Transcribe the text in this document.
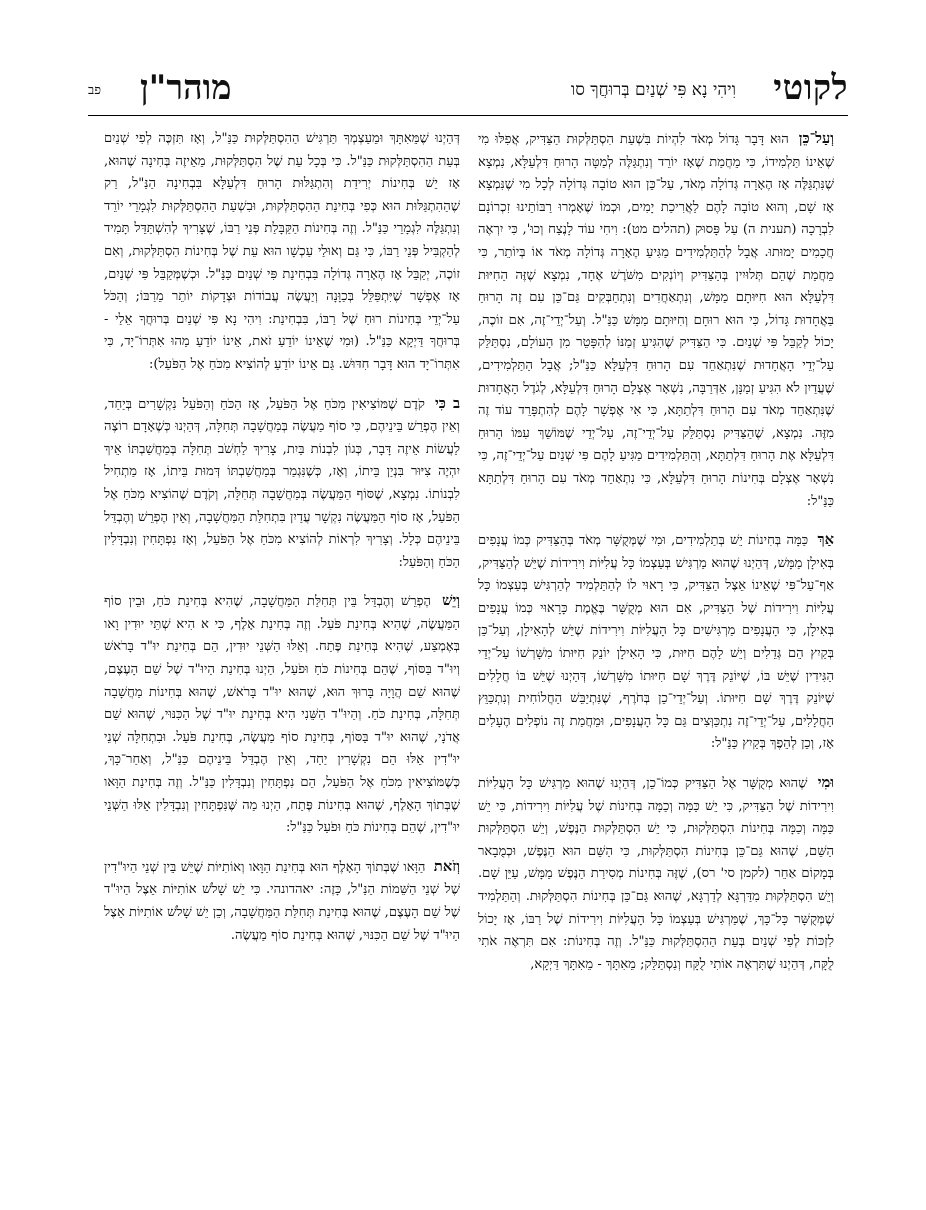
לקוטי
וִיהִי נָא פִּי שְׁנַיִם בְּרוּחֲךָ סו
מוהר"ן
פב

וְעַל־כֵּן הוּא דָּבָר גָּדוֹל מְאֹד לִהְיוֹת בִּשְׁעַת הִסְתַּלְּקוּת הַצַּדִּיק, אֲפִלּוּ מִי שֶׁאֵינוֹ תַּלְמִידוֹ, כִּי מֵחֲמַת שֶׁאָז יוֹרֵד וְנִתְגַּלֶּה לְמַטָּה הָרוּחַ דִּלְעֵלָּא, נִמְצָא שֶׁנִּתְגַּלֶּה אָז הֶאָרָה גְּדוֹלָה מְאֹד, עַל־כֵּן הוּא טוֹבָה גְּדוֹלָה לְכָל מִי שֶׁנִּמְצָא אָז שָׁם, וְהוּא טוֹבָה לָהֶם לַאֲרִיכַת יָמִים, וּכְמוֹ שֶׁאָמְרוּ רַבּוֹתֵינוּ זִכְרוֹנָם לִבְרָכָה (תענית ה) עַל פָּסוּק (תהלים מט): וִיחִי עוֹד לָנֶצַח וְכוּ', כִּי יִרְאֶה חֲכָמִים יָמוּתוּ. אֲבָל לְהַתַּלְמִידִים מַגִּיעַ הֶאָרָה גְּדוֹלָה מְאֹד אוֹ בְּיוֹתֵר, כִּי מֵחֲמַת שֶׁהֵם תְּלוּיִין בְּהַצַּדִּיק וְיוֹנְקִים מִשֹּׁרֶשׁ אֶחָד, נִמְצָא שֶׁזֶּה הַחִיּוּת דִּלְעֵלָּא הוּא חִיּוּתָם מַמָּשׁ, וְנִתְאַחֲדִים וְנִתְחַבְּקִים גַּם־כֵּן עִם זֶה הָרוּחַ בַּאֲחָדוּת גָּדוֹל, כִּי הוּא רוּחָם וְחִיּוּתָם מַמָּשׁ כַּנַּ"ל. וְעַל־יְדֵי־זֶה, אִם זוֹכֶה, יָכוֹל לְקַבֵּל פִּי שְׁנַיִם. כִּי הַצַּדִּיק שֶׁהִגִּיעַ זְמַנּוֹ לְהִפָּטֵר מִן הָעוֹלָם, נִסְתַּלֵּק עַל־יְדֵי הָאֲחָדוּת שֶׁנִּתְאַחֵד עִם הָרוּחַ דִּלְעֵלָּא כַּנַּ"ל; אֲבָל הַתַּלְמִידִים, שֶׁעֲדַיִן לֹא הִגִּיעַ זְמַנָּן, אַדְּרַבָּה, נִשְׁאָר אֶצְלָם הָרוּחַ דִּלְעֵלָּא, לְגֹדֶל הָאֲחָדוּת שֶׁנִּתְאַחֵד מְאֹד עִם הָרוּחַ דִּלְתַתָּא, כִּי אִי אֶפְשָׁר לָהֶם לְהִתְפָּרֵד עוֹד זֶה מִזֶּה. נִמְצָא, שֶׁהַצַּדִּיק נִסְתַּלֵּק עַל־יְדֵי־זֶה, עַל־יְדֵי שֶׁמּוֹשֵׁךְ עִמּוֹ הָרוּחַ דִּלְעֵלָּא אֶת הָרוּחַ דִּלְתַתָּא, וְהַתַּלְמִידִים מַגִּיעַ לָהֶם פִּי שְׁנַיִם עַל־יְדֵי־זֶה, כִּי נִשְׁאָר אֶצְלָם בְּחִינוֹת הָרוּחַ דִּלְעֵלָּא, כִּי נִתְאַחֵד מְאֹד עִם הָרוּחַ דִּלְתַתָּא כַּנַּ"ל:

אַךְ כַּמָּה בְּחִינוֹת יֵשׁ בְּתַלְמִידִים, וּמִי שֶׁמְּקֻשָּׁר מְאֹד בְּהַצַּדִּיק כְּמוֹ עֲנָפִים בְּאִילָן מַמָּשׁ, דְּהַיְנוּ שֶׁהוּא מַרְגִּישׁ בְּעַצְמוֹ כָּל עֲלִיּוֹת וִירִידוֹת שֶׁיֵּשׁ לְהַצַּדִּיק, אַף־עַל־פִּי שֶׁאֵינוֹ אֵצֶל הַצַּדִּיק, כִּי רָאוּי לוֹ לְהַתַּלְמִיד לְהַרְגִּישׁ בְּעַצְמוֹ כָּל עֲלִיּוֹת וִירִידוֹת שֶׁל הַצַּדִּיק, אִם הוּא מְקֻשָּׁר בֶּאֱמֶת כָּרָאוּי כְּמוֹ עֲנָפִים בְּאִילָן, כִּי הָעֲנָפִים מַרְגִּישִׁים כָּל הָעֲלִיּוֹת וִירִידוֹת שֶׁיֵּשׁ לְהָאִילָן, וְעַל־כֵּן בְּקַיִץ הֵם גְּדֵלִים וְיֵשׁ לָהֶם חִיּוּת, כִּי הָאִילָן יוֹנֵק חִיּוּתוֹ מִשָּׁרְשׁוֹ עַל־יְדֵי הַגִּידִין שֶׁיֵּשׁ בּוֹ, שֶׁיּוֹנֵק דֶּרֶךְ שָׁם חִיּוּתוֹ מִשָּׁרְשׁוֹ, דְּהַיְנוּ שֶׁיֵּשׁ בּוֹ חֲלָלִים שֶׁיּוֹנֵק דֶּרֶךְ שָׁם חִיּוּתוֹ. וְעַל־יְדֵי־כֵן בְּחֹרֶף, שֶׁנִּתְיַבֵּשׁ הַחֲלוֹחִית וְנִתְכַּוֵּץ הַחֲלָלִים, עַל־יְדֵי־זֶה נִתְכַּוְּצִים גַּם כָּל הָעֲנָפִים, וּמֵחֲמַת זֶה נוֹפְלִים הֶעָלִים אָז, וְכֵן לְהֵפֶךְ בְּקַיִץ כַּנַּ"ל:

וּמִי שֶׁהוּא מְקֻשָּׁר אֶל הַצַּדִּיק כְּמוֹ־כֵן, דְּהַיְנוּ שֶׁהוּא מַרְגִּישׁ כָּל הָעֲלִיּוֹת וִירִידוֹת שֶׁל הַצַּדִּיק, כִּי יֵשׁ כַּמָּה וְכַמָּה בְּחִינוֹת שֶׁל עֲלִיּוֹת וִירִידוֹת, כִּי יֵשׁ כַּמָּה וְכַמָּה בְּחִינוֹת הִסְתַּלְּקוּת, כִּי יֵשׁ הִסְתַּלְּקוּת הַנֶּפֶשׁ, וְיֵשׁ הִסְתַּלְּקוּת הַשֵּׁם, שֶׁהוּא גַּם־כֵּן בְּחִינוֹת הִסְתַּלְּקוּת, כִּי הַשֵּׁם הוּא הַנֶּפֶשׁ, וּכְמֻבָאר בְּמָקוֹם אַחֵר (לקמן סי' רס), שֶׁזֶּה בְּחִינוֹת מְסִירַת הַנֶּפֶשׁ מַמָּשׁ, עַיֵּן שָׁם. וְיֵשׁ הִסְתַּלְּקוּת מִדַּרְגָּא לְדַרְגָּא, שֶׁהוּא גַּם־כֵּן בְּחִינוֹת הִסְתַּלְּקוּת. וְהַתַּלְמִיד שֶׁמְּקֻשָּׁר כָּל־כָּךְ, שֶׁמַּרְגִּישׁ בְּעַצְמוֹ כָּל הָעֲלִיּוֹת וִירִידוֹת שֶׁל רַבּוֹ, אָז יָכוֹל לִזְכּוֹת לְפִי שְׁנַיִם בְּעֵת הַהִסְתַּלְּקוּת כַּנַּ"ל. וְזֶה בְּחִינוֹת: אִם תִּרְאֶה אֹתִי לֻקָּח, דְּהַיְנוּ שֶׁתִּרְאֶה אוֹתִי לֻקָּח וְנִסְתַּלֵּק; מֵאִתָּךְ - מֵאִתָּךְ דַּיְקָא,

דְּהַיְנוּ שֶׁמֵּאִתָּךְ וּמֵעַצְמְךָ תַּרְגִּישׁ הַהִסְתַּלְּקוּת כַּנַּ"ל, וְאָז תִּזְכֶּה לְפִי שְׁנַיִם בְּעֵת הַהִסְתַּלְּקוּת כַּנַּ"ל. כִּי בְּכָל עֵת שֶׁל הִסְתַּלְּקוּת, מֵאֵיזֶה בְּחִינָה שֶׁהוּא, אָז יֵשׁ בְּחִינוֹת יְרִידַת וְהִתְגַּלּוּת הָרוּחַ דִּלְעֵלָּא בִּבְחִינָה הַנַּ"ל, רַק שֶׁהַהִתְגַּלּוּת הוּא כְּפִי בְּחִינַת הַהִסְתַּלְּקוּת, וּבִשְׁעַת הַהִסְתַּלְּקוּת לִגְמָרֵי יוֹרֵד וְנִתְגַּלֶּה לִגְמָרֵי כַּנַּ"ל. וְזֶה בְּחִינוֹת הַקַּבָּלַת פְּנֵי רַבּוֹ, שֶׁצָּרִיךְ לְהִשְׁתַּדֵּל תָּמִיד לְהַקְבִּיל פְּנֵי רַבּוֹ, כִּי גַּם וְאוּלַי עַכְשָׁו הוּא עֵת שֶׁל בְּחִינוֹת הִסְתַּלְּקוּת, וְאִם זוֹכֶה, יְקַבֵּל אָז הֶאָרָה גְּדוֹלָה בִּבְחִינַת פִּי שְׁנַיִם כַּנַּ"ל. וּכְשֶׁמְּקַבֵּל פִּי שְׁנַיִם, אָז אֶפְשָׁר שֶׁיִּתְפַּלֵּל בְּכַוָּנָה וְיַעֲשֶׂה עֲבוֹדוֹת וּצְדָקוֹת יוֹתֵר מֵרַבּוֹ; וְהַכֹּל עַל־יְדֵי בְּחִינוֹת רוּחַ שֶׁל רַבּוֹ, בִּבְחִינַת: וִיהִי נָא פִּי שְׁנַיִם בְּרוּחֲךָ אֵלַי - בְּרוּחֲךָ דַּיְקָא כַּנַּ"ל. (וּמִי שֶׁאֵינוֹ יוֹדֵעַ זֹאת, אֵינוֹ יוֹדֵעַ מַהוּ אִתְּרוֹ־יָד, כִּי אִתְּרוֹ־יָד הוּא דָּבָר חִדּוּשׁ. גַּם אֵינוֹ יוֹדֵעַ לְהוֹצִיא מִכֹּחַ אֶל הַפֹּעַל):

ב כִּי קֹדֶם שֶׁמּוֹצִיאִין מִכֹּחַ אֶל הַפֹּעַל, אָז הַכֹּחַ וְהַפֹּעַל נִקְשָׁרִים בְּיַחַד, וְאֵין הֶפְרֵשׁ בֵּינֵיהֶם, כִּי סוֹף מַעֲשֶׂה בְּמַחֲשָׁבָה תְּחִלָּה, דְּהַיְנוּ כְּשֶׁאָדָם רוֹצֶה לַעֲשׂוֹת אֵיזֶה דָּבָר, כְּגוֹן לִבְנוֹת בַּיִת, צָרִיךְ לַחְשֹׁב תְּחִלָּה בְּמַחֲשַׁבְתּוֹ אֵיךְ יִהְיֶה צִיּוּר בִּנְיַן בֵּיתוֹ, וְאָז, כְּשֶׁנִּגְמַר בְּמַחֲשַׁבְתּוֹ דְּמוּת בֵּיתוֹ, אָז מַתְחִיל לִבְנוֹתוֹ. נִמְצָא, שֶׁסּוֹף הַמַּעֲשֶׂה בְּמַחֲשָׁבָה תְּחִלָּה, וְקֹדֶם שֶׁהוֹצִיא מִכֹּחַ אֶל הַפֹּעַל, אָז סוֹף הַמַּעֲשֶׂה נִקְשָׁר עֲדַיִן בִּתְחִלַּת הַמַּחֲשָׁבָה, וְאֵין הֶפְרֵשׁ וְהֶבְדֵּל בֵּינֵיהֶם כְּלָל. וְצָרִיךְ לִרְאוֹת לְהוֹצִיא מִכֹּחַ אֶל הַפֹּעַל, וְאָז נִפְתָּחִין וְנִבְדָּלִין הַכֹּחַ וְהַפֹּעַל:

וְיֵשׁ הֶפְרֵשׁ וְהֶבְדֵּל בֵּין תְּחִלַּת הַמַּחֲשָׁבָה, שֶׁהִיא בְּחִינַת כֹּחַ, וּבֵין סוֹף הַמַּעֲשֶׂה, שֶׁהִיא בְּחִינַת פֹּעַל. וְזֶה בְּחִינַת אָלֶף, כִּי א הִיא שְׁתֵּי יוּדִין וָאו בְּאֶמְצַע, שֶׁהִיא בְּחִינַת פֶּתַח. וְאֵלּוּ הַשְּׁנֵי יוּדִין, הֵם בְּחִינַת יוּ"ד בָּרֹאשׁ וְיוּ"ד בַּסּוֹף, שֶׁהֵם בְּחִינוֹת כֹּחַ וּפֹעַל, הַיְנוּ בְּחִינַת הַיוּ"ד שֶׁל שֵׁם הָעֶצֶם, שֶׁהוּא שֵׁם הֲוָיָה בָּרוּךְ הוּא, שֶׁהוּא יוּ"ד בָּרֹאשׁ, שֶׁהוּא בְּחִינוֹת מַחֲשָׁבָה תְּחִלָּה, בְּחִינַת כֹּחַ. וְהַיוּ"ד הַשֵּׁנִי הִיא בְּחִינַת יוּ"ד שֶׁל הַכִּנּוּי, שֶׁהוּא שֵׁם אֲדֹנָי, שֶׁהוּא יוּ"ד בַּסּוֹף, בְּחִינַת סוֹף מַעֲשֶׂה, בְּחִינַת פֹּעַל. וּבִתְחִלָּה שְׁנֵי יוּ"דִין אֵלּוּ הֵם נִקְשָׁרִין יַחַד, וְאֵין הֶבְדֵּל בֵּינֵיהֶם כַּנַּ"ל, וְאַחַר־כָּךְ, כְּשֶׁמּוֹצִיאִין מִכֹּחַ אֶל הַפֹּעַל, הֵם נִפְתָּחִין וְנִבְדָּלִין כַּנַּ"ל. וְזֶה בְּחִינַת הַוָּאו שֶׁבְּתוֹךְ הָאָלֶף, שֶׁהוּא בְּחִינוֹת פֶּתַח, הַיְנוּ מַה שֶּׁנִּפְתָּחִין וְנִבְדָּלִין אֵלּוּ הַשְּׁנֵי יוּ"דִין, שֶׁהֵם בְּחִינוֹת כֹּחַ וּפֹעַל כַּנַּ"ל:

וְזֹאת הַוָּאו שֶׁבְּתוֹךְ הָאָלֶף הוּא בְּחִינַת הַוָּאו וְאוֹתִיּוֹת שֶׁיֵּשׁ בֵּין שְׁנֵי הַיוּ"דִין שֶׁל שְׁנֵי הַשֵּׁמוֹת הַנַּ"ל, כָּזֶה: יאהדונהי. כִּי יֵשׁ שָׁלֹשׁ אוֹתִיּוֹת אֵצֶל הַיוּ"ד שֶׁל שֵׁם הָעֶצֶם, שֶׁהוּא בְּחִינַת תְּחִלַּת הַמַּחֲשָׁבָה, וְכֵן יֵשׁ שָׁלֹשׁ אוֹתִיּוֹת אֵצֶל הַיוּ"ד שֶׁל שֵׁם הַכִּנּוּי, שֶׁהוּא בְּחִינַת סוֹף מַעֲשֶׂה.
